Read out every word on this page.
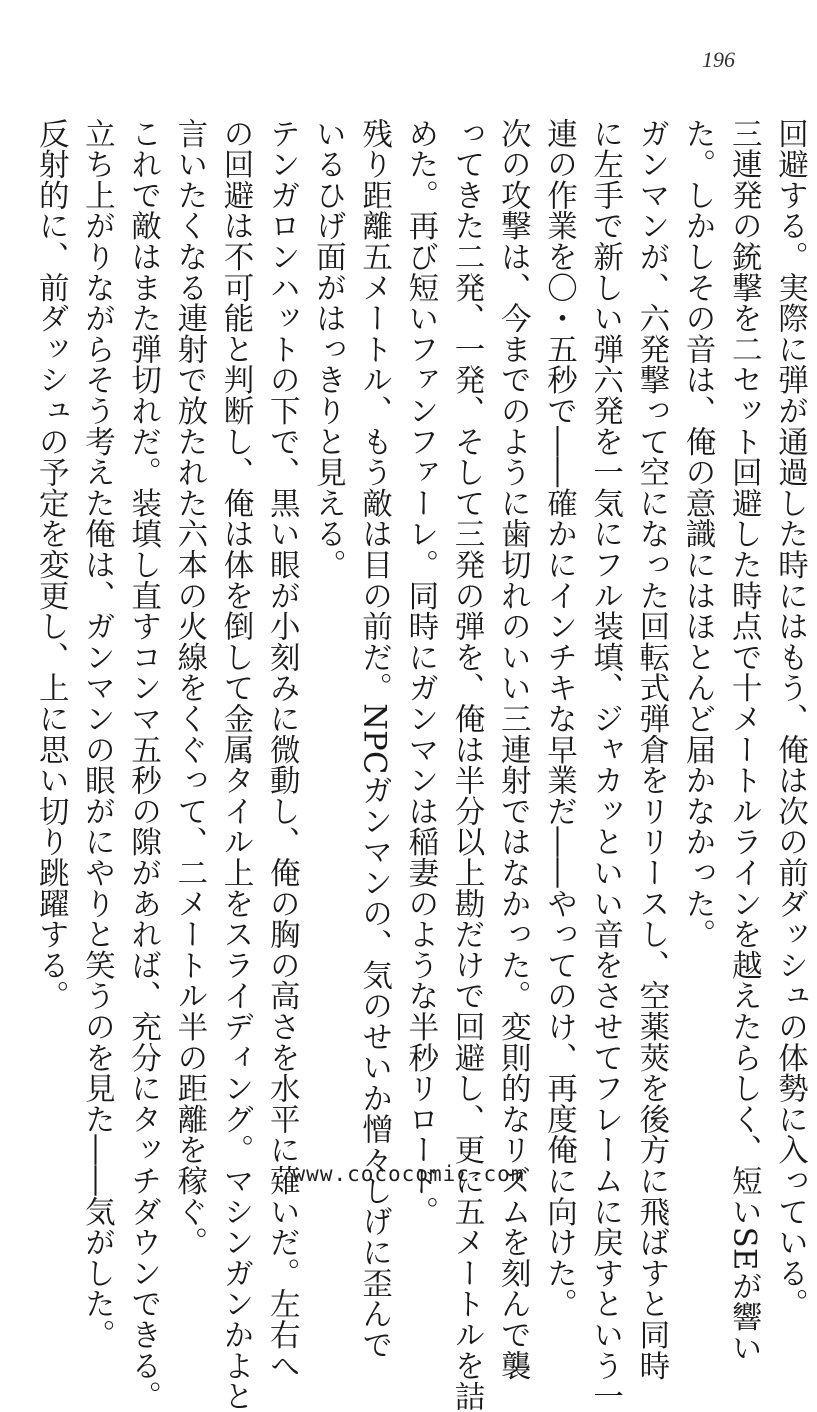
196
回避する。実際に弾が通過した時にはもう、俺は次の前ダッシュの体勢に入っている。
三連発の銃撃を二セット回避した時点で十メートルラインを越えたらしく、短いSEが響い
た。しかしその音は、俺の意識にはほとんど届かなかった。
ガンマンが、六発撃って空になった回転式弾倉をリリースし、空薬莢を後方に飛ばすと同時
に左手で新しい弾六発を一気にフル装填、ジャカッといい音をさせてフレームに戻すという一
連の作業を〇・五秒で――確かにインチキな早業だ――やってのけ、再度俺に向けた。
次の攻撃は、今までのように歯切れのいい三連射ではなかった。変則的なリズムを刻んで襲
ってきた二発、一発、そして三発の弾を、俺は半分以上勘だけで回避し、更に五メートルを詰
めた。再び短いファンファーレ。同時にガンマンは稲妻のような半秒リロード。
残り距離五メートル、もう敵は目の前だ。NPCガンマンの、気のせいか憎々しげに歪んで
いるひげ面がはっきりと見える。
テンガロンハットの下で、黒い眼が小刻みに微動し、俺の胸の高さを水平に薙いだ。左右へ
の回避は不可能と判断し、俺は体を倒して金属タイル上をスライディング。マシンガンかよと
言いたくなる連射で放たれた六本の火線をくぐって、二メートル半の距離を稼ぐ。
これで敵はまた弾切れだ。装填し直すコンマ五秒の隙があれば、充分にタッチダウンできる。
立ち上がりながらそう考えた俺は、ガンマンの眼がにやりと笑うのを見た――気がした。
反射的に、前ダッシュの予定を変更し、上に思い切り跳躍する。
www.cococomic.com
